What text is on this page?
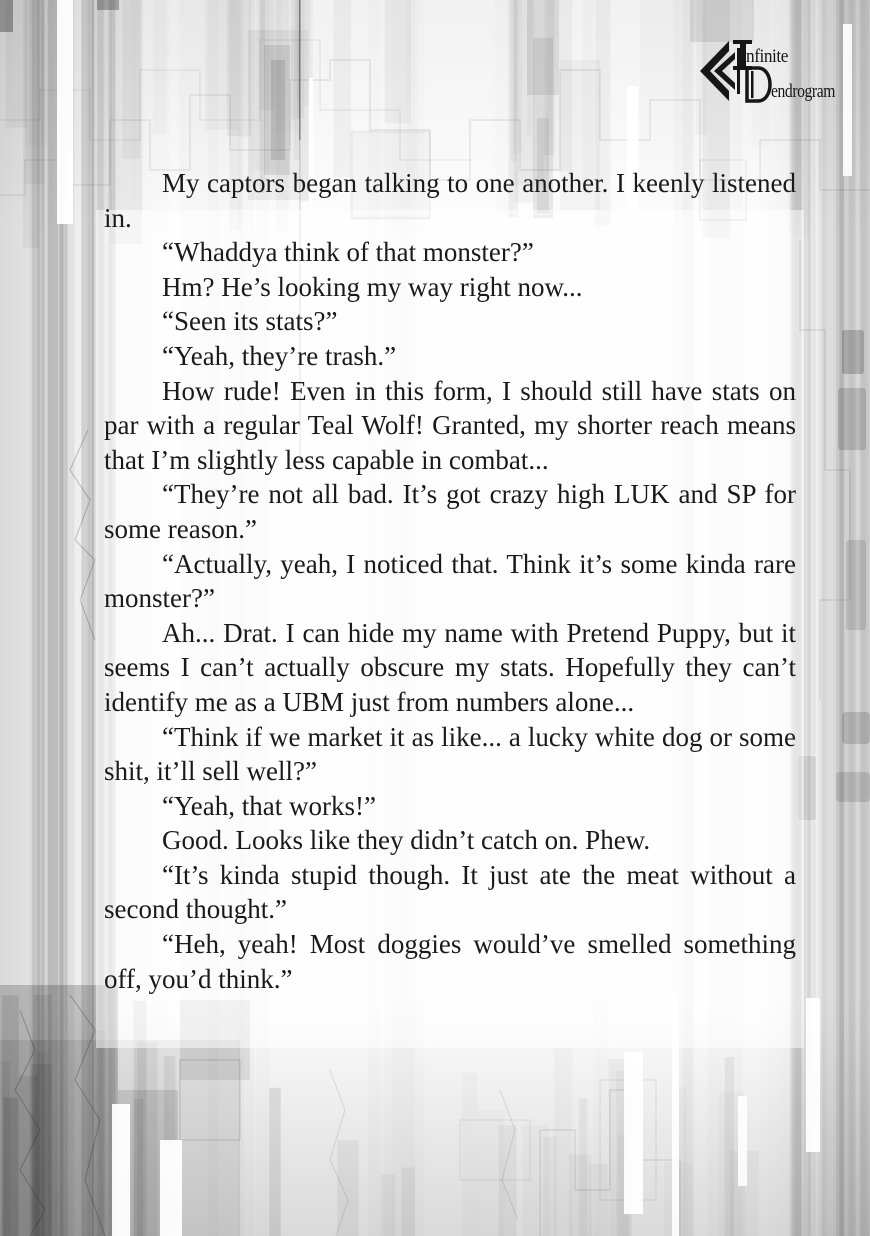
nfinite
endrogram

My captors began talking to one another. I keenly listened in.

“Whaddya think of that monster?”

Hm? He’s looking my way right now...

“Seen its stats?”

“Yeah, they’re trash.”

How rude! Even in this form, I should still have stats on par with a regular Teal Wolf! Granted, my shorter reach means that I’m slightly less capable in combat...

“They’re not all bad. It’s got crazy high LUK and SP for some reason.”

“Actually, yeah, I noticed that. Think it’s some kinda rare monster?”

Ah... Drat. I can hide my name with Pretend Puppy, but it seems I can’t actually obscure my stats. Hopefully they can’t identify me as a UBM just from numbers alone...

“Think if we market it as like... a lucky white dog or some shit, it’ll sell well?”

“Yeah, that works!”

Good. Looks like they didn’t catch on. Phew.

“It’s kinda stupid though. It just ate the meat without a second thought.”

“Heh, yeah! Most doggies would’ve smelled something off, you’d think.”
